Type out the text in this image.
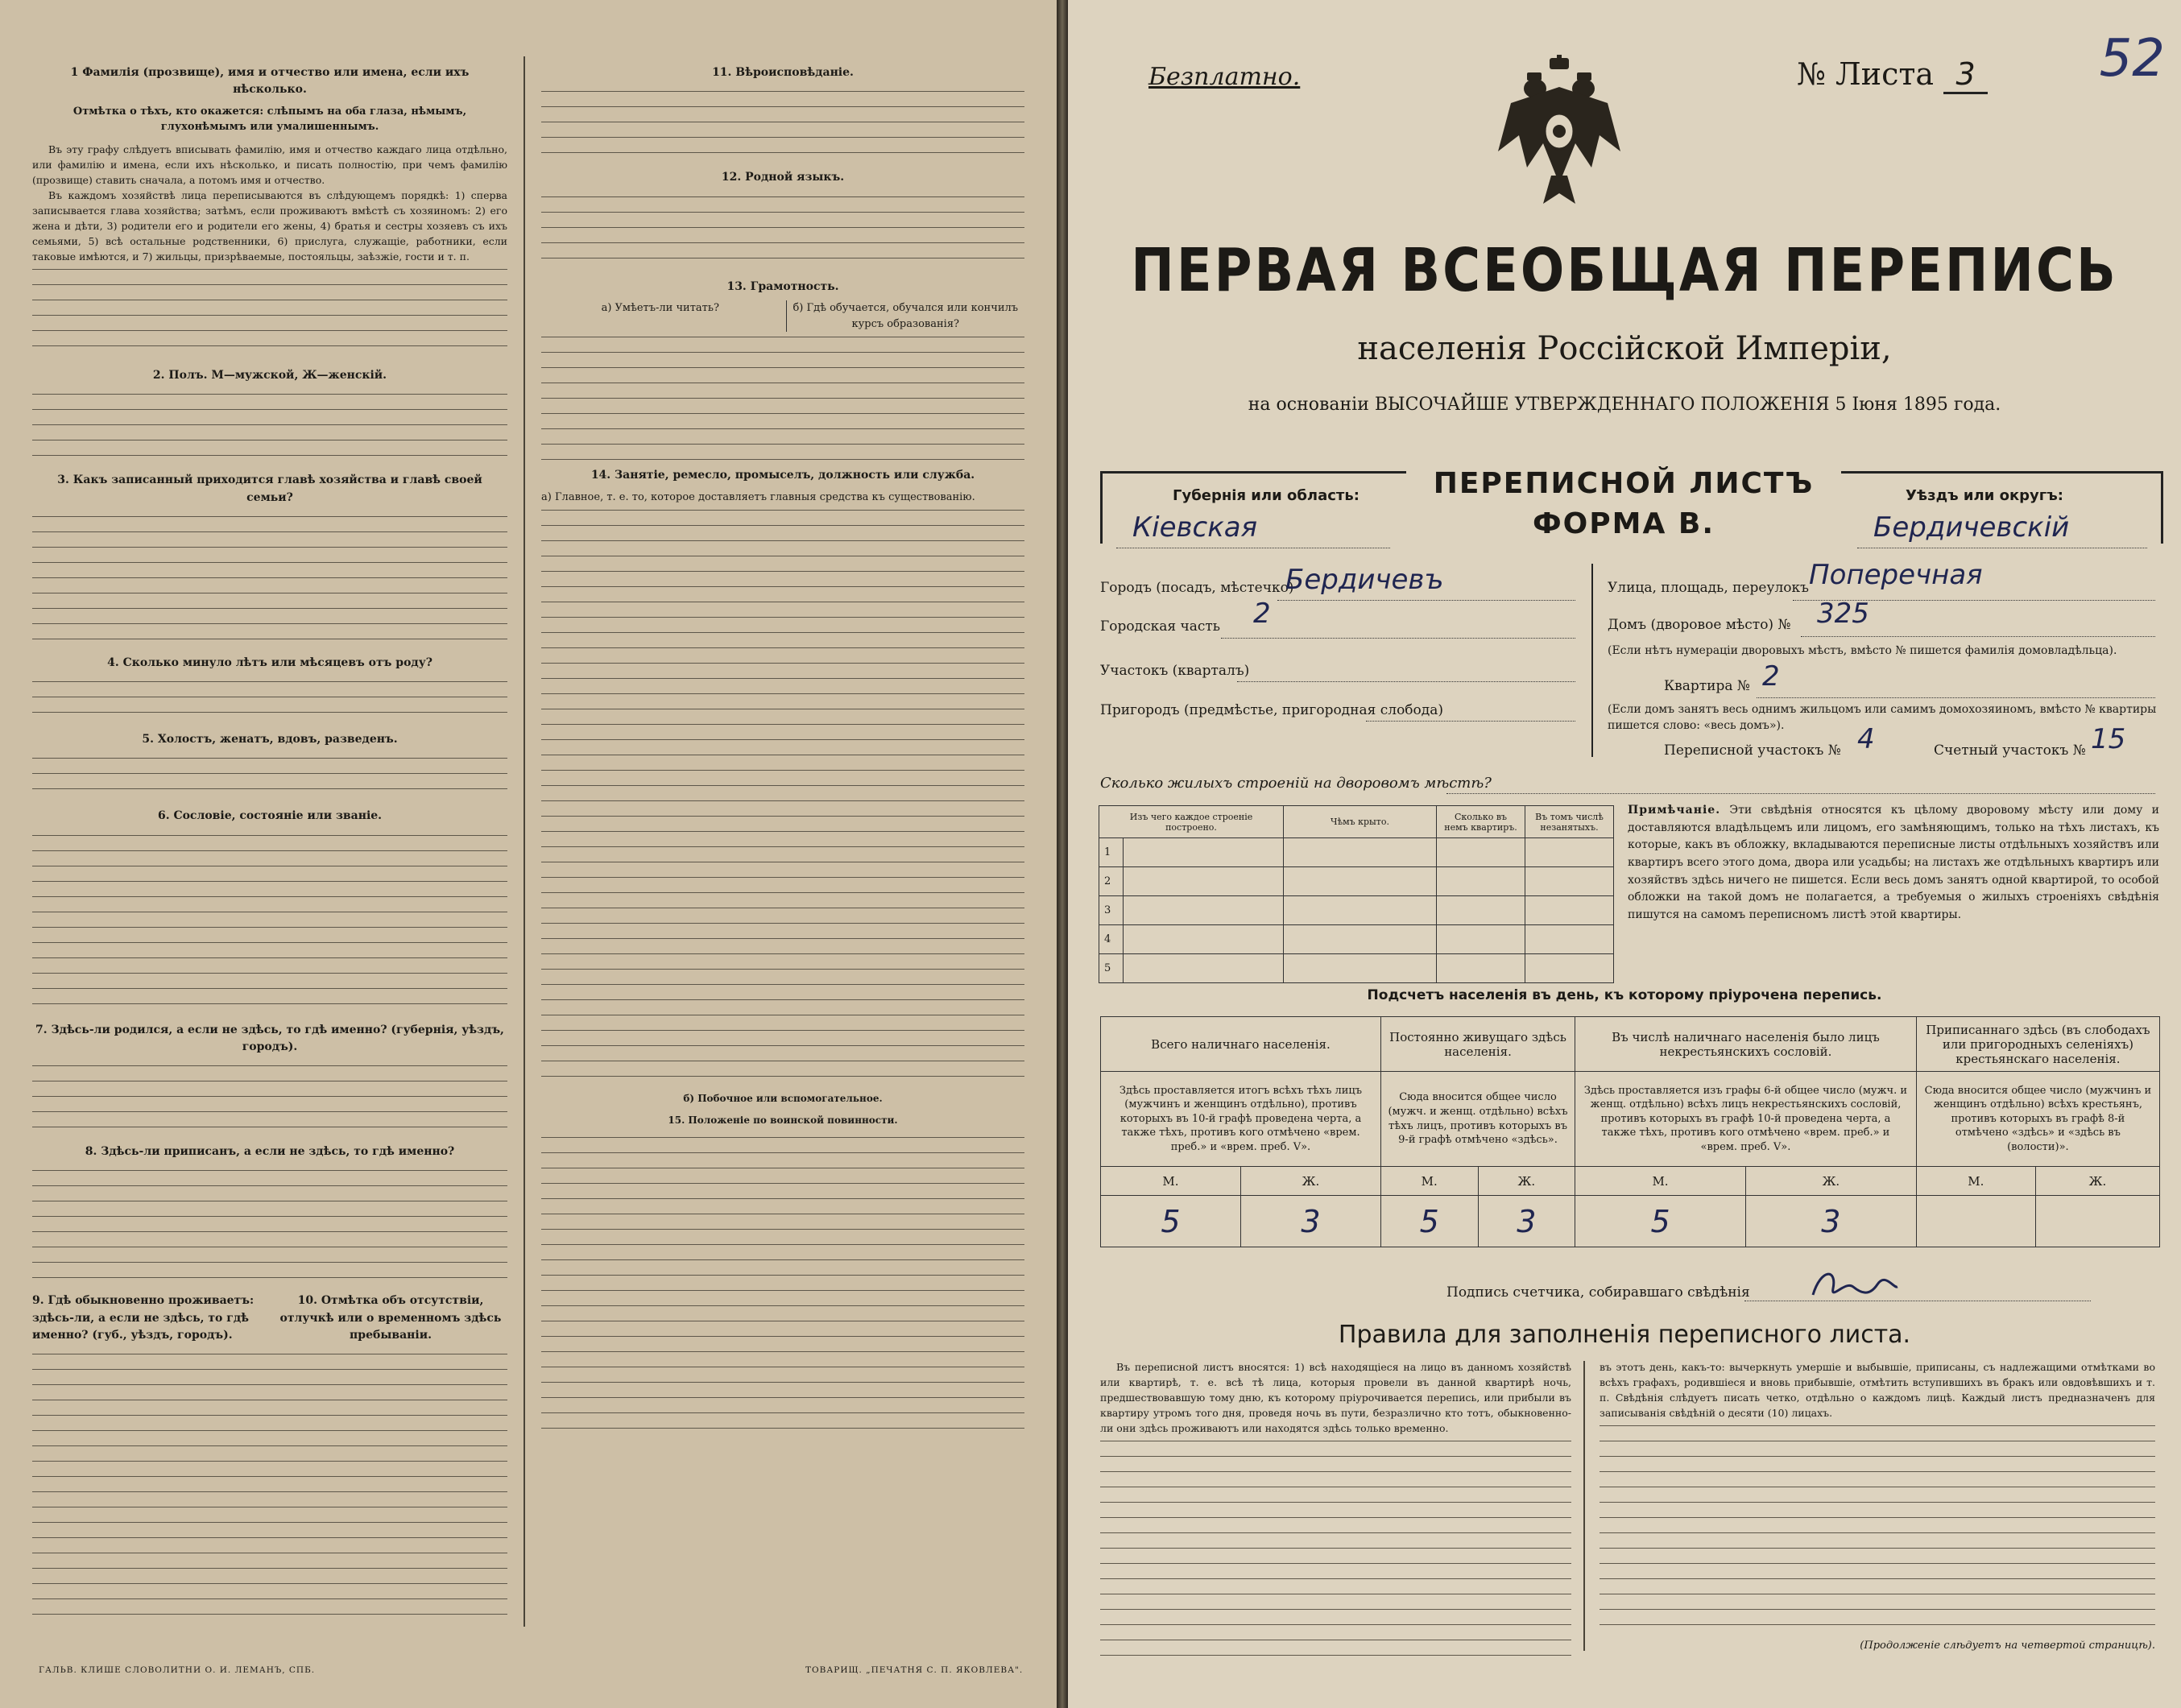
1 Фамилія (прозвище), имя и отчество или имена, если ихъ нѣсколько.
Отмѣтка о тѣхъ, кто окажется: слѣпымъ на оба глаза, нѣмымъ, глухонѣмымъ или умалишеннымъ.

Въ эту графу слѣдуетъ вписывать фамилію, имя и отчество каждаго лица отдѣльно, или фамилію и имена, если ихъ нѣсколько, и писать полностію, при чемъ фамилію (прозвище) ставить сначала, а потомъ имя и отчество.

Въ каждомъ хозяйствѣ лица переписываются въ слѣдующемъ порядкѣ: 1) сперва записывается глава хозяйства; затѣмъ, если проживаютъ вмѣстѣ съ хозяиномъ: 2) его жена и дѣти, 3) родители его и родители его жены, 4) братья и сестры хозяевъ съ ихъ семьями, 5) всѣ остальные родственники, 6) прислуга, служащіе, работники, если таковые имѣются, и 7) жильцы, призрѣваемые, постояльцы, заѣзжіе, гости и т. п.

2. Полъ. М—мужской, Ж—женскій.
3. Какъ записанный приходится главѣ хозяйства и главѣ своей семьи?
4. Сколько минуло лѣтъ или мѣсяцевъ отъ роду?
5. Холостъ, женатъ, вдовъ, разведенъ.
6. Сословіе, состояніе или званіе.
7. Здѣсь-ли родился, а если не здѣсь, то гдѣ именно? (губернія, уѣздъ, городъ).
8. Здѣсь-ли приписанъ, а если не здѣсь, то гдѣ именно?
9. Гдѣ обыкновенно проживаетъ: здѣсь-ли, а если не здѣсь, то гдѣ именно? (губ., уѣздъ, городъ).
10. Отмѣтка объ отсутствіи, отлучкѣ или о временномъ здѣсь пребываніи.
11. Вѣроисповѣданіе.
12. Родной языкъ.
13. Грамотность.
а) Умѣетъ-ли читать?	б) Гдѣ обучается, обучался или кончилъ курсъ образованія?
14. Занятіе, ремесло, промыселъ, должность или служба.
а) Главное, т. е. то, которое доставляетъ главныя средства къ существованію.
б) Побочное или вспомогательное.
15. Положеніе по воинской повинности.
ГАЛЬВ. КЛИШЕ СЛОВОЛИТНИ О. И. ЛЕМАНЪ, СПБ.	ТОВАРИЩ. „ПЕЧАТНЯ С. П. ЯКОВЛЕВА".
Безплатно.	№ Листа 3 52
ПЕРВАЯ ВСЕОБЩАЯ ПЕРЕПИСЬ
населенія Россійской Имперіи,
на основаніи ВЫСОЧАЙШЕ УТВЕРЖДЕННАГО ПОЛОЖЕНІЯ 5 Іюня 1895 года.
ПЕРЕПИСНОЙ ЛИСТЪ
ФОРМА В.
Губернія или область:
Кіевская
Уѣздъ или округъ:
Бердичевскій
Городъ (посадъ, мѣстечко)
Бердичевъ
Городская часть 2
Участокъ (кварталъ)
Пригородъ (предмѣстье, пригородная слобода)
Улица, площадь, переулокъ Поперечная
Домъ (дворовое мѣсто) № 325
(Если нѣтъ нумераціи дворовыхъ мѣстъ, вмѣсто № пишется фамилія домовладѣльца).
Квартира № 2
(Если домъ занятъ весь однимъ жильцомъ или самимъ домохозяиномъ, вмѣсто № квартиры пишется слово: «весь домъ»).
Переписной участокъ № 4	Счетный участокъ № 15
Сколько жилыхъ строеній на дворовомъ мѣстѣ?
Изъ чего каждое строеніе построено.		Чѣмъ крыто.	Сколько въ немъ квартиръ.	Въ томъ числѣ незанятыхъ.
1				
2				
3				
4				
5				
Примѣчаніе. Эти свѣдѣнія относятся къ цѣлому дворовому мѣсту или дому и доставляются владѣльцемъ или лицомъ, его замѣняющимъ, только на тѣхъ листахъ, къ которые, какъ въ обложку, вкладываются переписные листы отдѣльныхъ хозяйствъ или квартиръ всего этого дома, двора или усадьбы; на листахъ же отдѣльныхъ квартиръ или хозяйствъ здѣсь ничего не пишется. Если весь домъ занятъ одной квартирой, то особой обложки на такой домъ не полагается, а требуемыя о жилыхъ строеніяхъ свѣдѣнія пишутся на самомъ переписномъ листѣ этой квартиры.
Подсчетъ населенія въ день, къ которому пріурочена перепись.
Всего наличнаго населенія.		Постоянно живущаго здѣсь населенія.		Въ числѣ наличнаго населенія было лицъ некрестьянскихъ сословій.		Приписаннаго здѣсь (въ слободахъ или пригородныхъ селеніяхъ) крестьянскаго населенія.	
Здѣсь проставляется итогъ всѣхъ тѣхъ лицъ (мужчинъ и женщинъ отдѣльно), противъ которыхъ въ 10-й графѣ проведена черта, а также тѣхъ, противъ кого отмѣчено «врем. преб.» и «врем. преб. V».		Сюда вносится общее число (мужч. и женщ. отдѣльно) всѣхъ тѣхъ лицъ, противъ которыхъ въ 9-й графѣ отмѣчено «здѣсь».		Здѣсь проставляется изъ графы 6-й общее число (мужч. и женщ. отдѣльно) всѣхъ лицъ некрестьянскихъ сословій, противъ которыхъ въ графѣ 10-й проведена черта, а также тѣхъ, противъ кого отмѣчено «врем. преб.» и «врем. преб. V».		Сюда вносится общее число (мужчинъ и женщинъ отдѣльно) всѣхъ крестьянъ, противъ которыхъ въ графѣ 8-й отмѣчено «здѣсь» и «здѣсь въ (волости)».	
М.	Ж.	М.	Ж.	М.	Ж.	М.	Ж.
5	3	5	3	5	3		
Подпись счетчика, собиравшаго свѣдѣнія
Правила для заполненія переписного листа.

Въ переписной листъ вносятся: 1) всѣ находящіеся на лицо въ данномъ хозяйствѣ или квартирѣ, т. е. всѣ тѣ лица, которыя провели въ данной квартирѣ ночь, предшествовавшую тому дню, къ которому пріурочивается перепись, или прибыли въ квартиру утромъ того дня, проведя ночь въ пути, безразлично кто тотъ, обыкновенно-ли они здѣсь проживаютъ или находятся здѣсь только временно.

въ этотъ день, какъ-то: вычеркнуть умершіе и выбывшіе, приписаны, съ надлежащими отмѣтками во всѣхъ графахъ, родившіеся и вновь прибывшіе, отмѣтить вступившихъ въ бракъ или овдовѣвшихъ и т. п. Свѣдѣнія слѣдуетъ писать четко, отдѣльно о каждомъ лицѣ. Каждый листъ предназначенъ для записыванія свѣдѣній о десяти (10) лицахъ.

(Продолженіе слѣдуетъ на четвертой страницѣ).
